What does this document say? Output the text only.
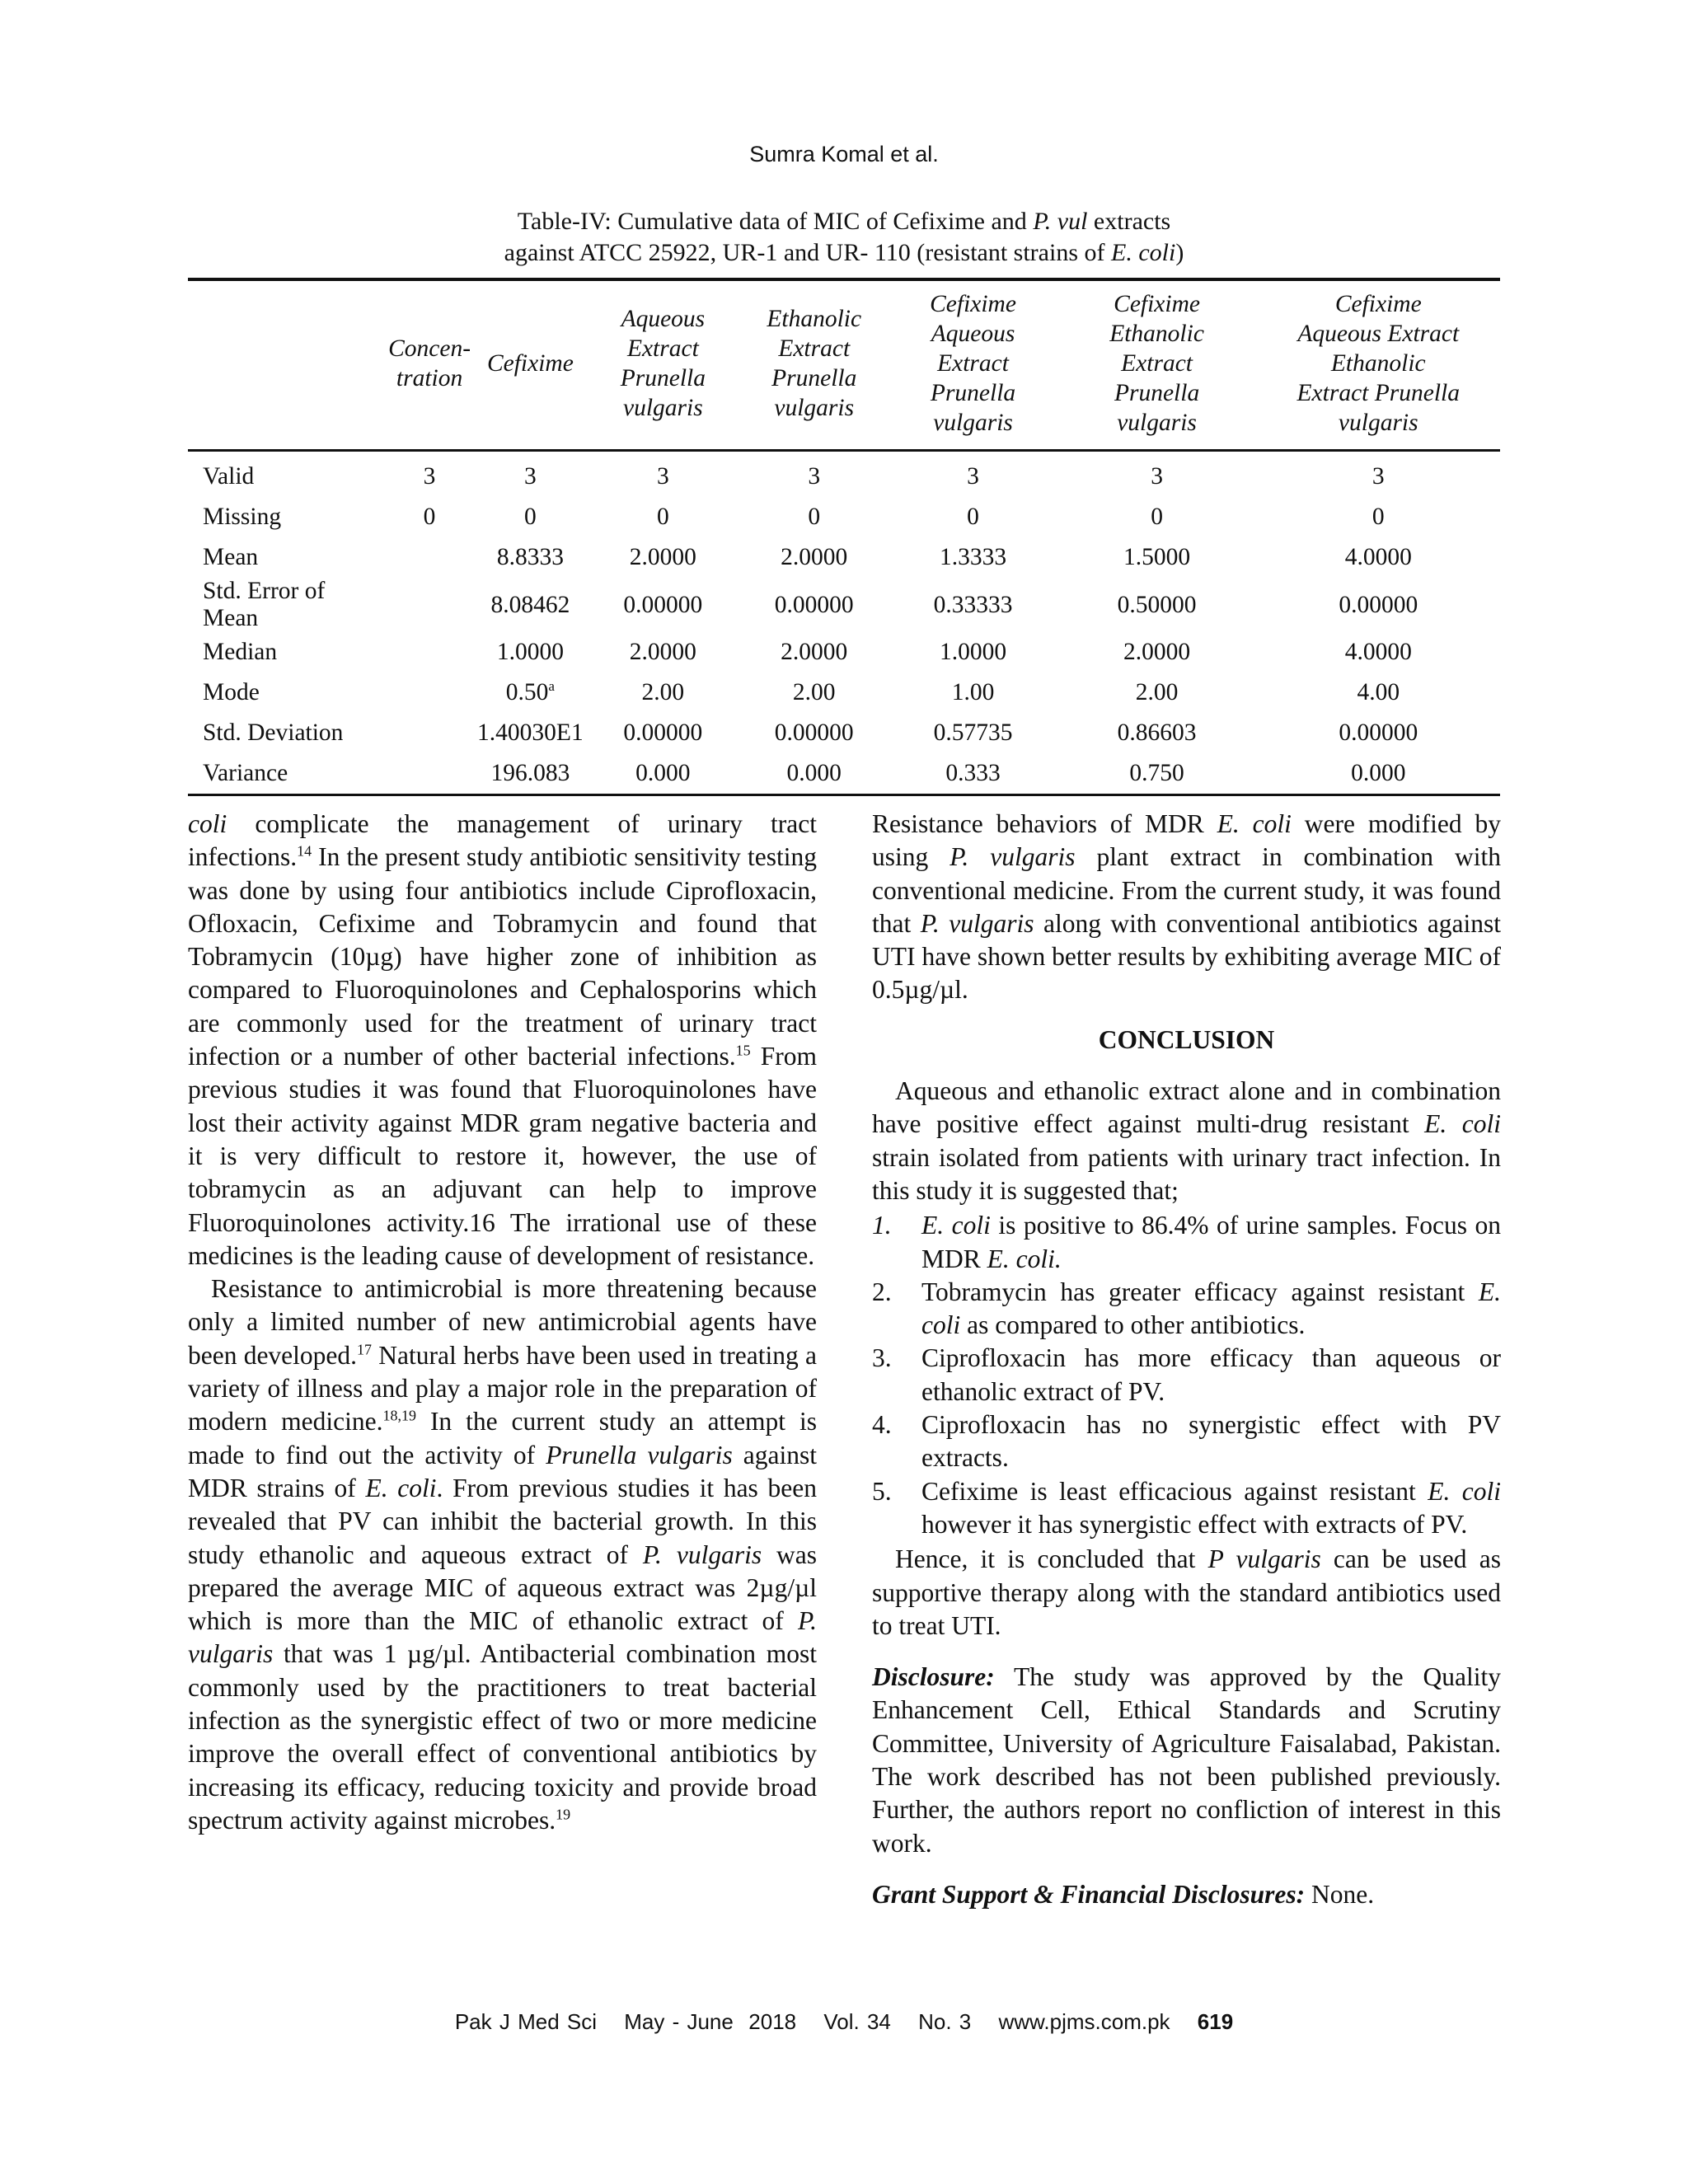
Sumra Komal et al.
Table-IV: Cumulative data of MIC of Cefixime and P. vul extracts
against ATCC 25922, UR-1 and UR- 110 (resistant strains of E. coli)
	Concen-
tration	Cefixime	Aqueous
Extract
Prunella
vulgaris	Ethanolic
Extract
Prunella
vulgaris	Cefixime
Aqueous
Extract
Prunella
vulgaris	Cefixime
Ethanolic
Extract
Prunella
vulgaris	Cefixime
Aqueous Extract
Ethanolic
Extract Prunella
vulgaris
Valid	3	3	3	3	3	3	3
Missing	0	0	0	0	0	0	0
Mean		8.8333	2.0000	2.0000	1.3333	1.5000	4.0000
Std. Error of Mean		8.08462	0.00000	0.00000	0.33333	0.50000	0.00000
Median		1.0000	2.0000	2.0000	1.0000	2.0000	4.0000
Mode		0.50$^a$	2.00	2.00	1.00	2.00	4.00
Std. Deviation		1.40030E1	0.00000	0.00000	0.57735	0.86603	0.00000
Variance		196.083	0.000	0.000	0.333	0.750	0.000

coli complicate the management of urinary tract infections.$^{14}$ In the present study antibiotic sensitivity testing was done by using four antibiotics include Ciprofloxacin, Ofloxacin, Cefixime and Tobramycin and found that Tobramycin (10µg) have higher zone of inhibition as compared to Fluoroquinolones and Cephalosporins which are commonly used for the treatment of urinary tract infection or a number of other bacterial infections.$^{15}$ From previous studies it was found that Fluoroquinolones have lost their activity against MDR gram negative bacteria and it is very difficult to restore it, however, the use of tobramycin as an adjuvant can help to improve Fluoroquinolones activity.16 The irrational use of these medicines is the leading cause of development of resistance.

Resistance to antimicrobial is more threatening because only a limited number of new antimicrobial agents have been developed.$^{17}$ Natural herbs have been used in treating a variety of illness and play a major role in the preparation of modern medicine.$^{18,19}$ In the current study an attempt is made to find out the activity of Prunella vulgaris against MDR strains of E. coli. From previous studies it has been revealed that PV can inhibit the bacterial growth. In this study ethanolic and aqueous extract of P. vulgaris was prepared the average MIC of aqueous extract was 2µg/µl which is more than the MIC of ethanolic extract of P. vulgaris that was 1 µg/µl. Antibacterial combination most commonly used by the practitioners to treat bacterial infection as the synergistic effect of two or more medicine improve the overall effect of conventional antibiotics by increasing its efficacy, reducing toxicity and provide broad spectrum activity against microbes.$^{19}$

Resistance behaviors of MDR E. coli were modified by using P. vulgaris plant extract in combination with conventional medicine. From the current study, it was found that P. vulgaris along with conventional antibiotics against UTI have shown better results by exhibiting average MIC of 0.5µg/µl.

CONCLUSION

Aqueous and ethanolic extract alone and in combination have positive effect against multi-drug resistant E. coli strain isolated from patients with urinary tract infection. In this study it is suggested that;

1. E. coli is positive to 86.4% of urine samples. Focus on MDR E. coli.
2. Tobramycin has greater efficacy against resistant E. coli as compared to other antibiotics.
3. Ciprofloxacin has more efficacy than aqueous or ethanolic extract of PV.
4. Ciprofloxacin has no synergistic effect with PV extracts.
5. Cefixime is least efficacious against resistant E. coli however it has synergistic effect with extracts of PV.

Hence, it is concluded that P vulgaris can be used as supportive therapy along with the standard antibiotics used to treat UTI.

Disclosure: The study was approved by the Quality Enhancement Cell, Ethical Standards and Scrutiny Committee, University of Agriculture Faisalabad, Pakistan. The work described has not been published previously. Further, the authors report no confliction of interest in this work.

Grant Support & Financial Disclosures: None.

Pak J Med Sci May - June  2018 Vol. 34 No. 3 www.pjms.com.pk 619
